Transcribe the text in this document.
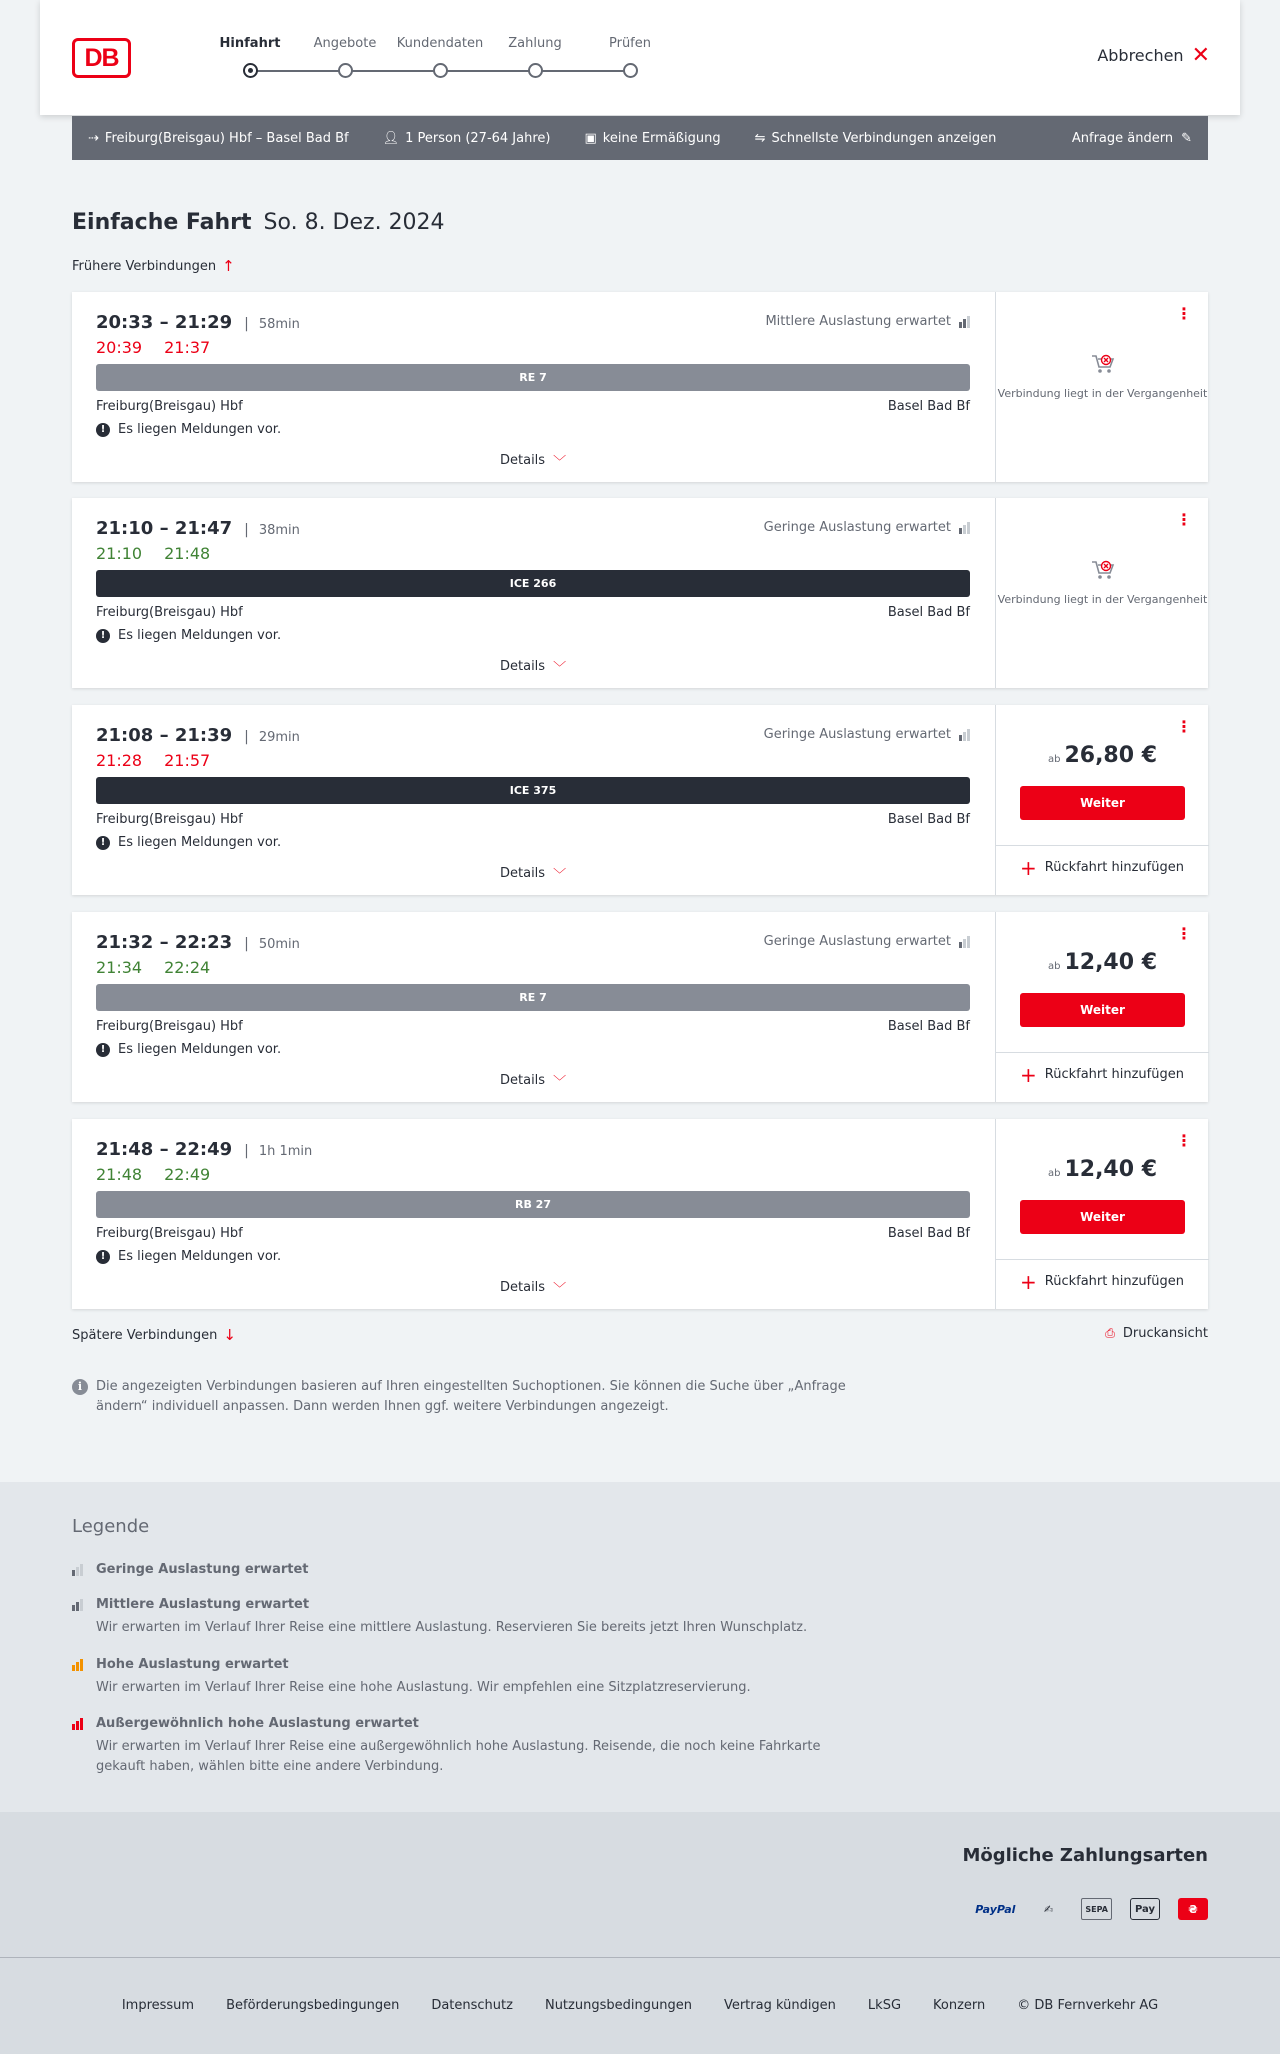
DB
Hinfahrt	Angebote	Kundendaten	Zahlung	Prüfen
Abbrechen ✕
⇢ Freiburg(Breisgau) Hbf – Basel Bad Bf	👤︎ 1 Person (27-64 Jahre)	▣ keine Ermäßigung	⇋ Schnellste Verbindungen anzeigen	Anfrage ändern ✎
Einfache Fahrt So. 8. Dez. 2024
Frühere Verbindungen ↑
20:33 – 21:29 | 58min
20:39 21:37
Mittlere Auslastung erwartet
RE 7
Freiburg(Breisgau) Hbf	Basel Bad Bf
! Es liegen Meldungen vor.
Details ﹀
⋮
Verbindung liegt in der Vergangenheit
21:10 – 21:47 | 38min
21:10 21:48
Geringe Auslastung erwartet
ICE 266
Freiburg(Breisgau) Hbf	Basel Bad Bf
! Es liegen Meldungen vor.
Details ﹀
⋮
Verbindung liegt in der Vergangenheit
21:08 – 21:39 | 29min
21:28 21:57
Geringe Auslastung erwartet
ICE 375
Freiburg(Breisgau) Hbf	Basel Bad Bf
! Es liegen Meldungen vor.
Details ﹀
⋮
ab 26,80 €
Weiter
+ Rückfahrt hinzufügen
21:32 – 22:23 | 50min
21:34 22:24
Geringe Auslastung erwartet
RE 7
Freiburg(Breisgau) Hbf	Basel Bad Bf
! Es liegen Meldungen vor.
Details ﹀
⋮
ab 12,40 €
Weiter
+ Rückfahrt hinzufügen
21:48 – 22:49 | 1h 1min
21:48 22:49
RB 27
Freiburg(Breisgau) Hbf	Basel Bad Bf
! Es liegen Meldungen vor.
Details ﹀
⋮
ab 12,40 €
Weiter
+ Rückfahrt hinzufügen
Spätere Verbindungen ↓	⎙ Druckansicht
i	Die angezeigten Verbindungen basieren auf Ihren eingestellten Suchoptionen. Sie können die Suche über „Anfrage ändern“ individuell anpassen. Dann werden Ihnen ggf. weitere Verbindungen angezeigt.
Legende
Geringe Auslastung erwartet
Mittlere Auslastung erwartet
Wir erwarten im Verlauf Ihrer Reise eine mittlere Auslastung. Reservieren Sie bereits jetzt Ihren Wunschplatz.
Hohe Auslastung erwartet
Wir erwarten im Verlauf Ihrer Reise eine hohe Auslastung. Wir empfehlen eine Sitzplatzreservierung.
Außergewöhnlich hohe Auslastung erwartet
Wir erwarten im Verlauf Ihrer Reise eine außergewöhnlich hohe Auslastung. Reisende, die noch keine Fahrkarte gekauft haben, wählen bitte eine andere Verbindung.
Mögliche Zahlungsarten
PayPal	✍	SEPA	Pay	₴
Impressum Beförderungsbedingungen Datenschutz Nutzungsbedingungen Vertrag kündigen LkSG Konzern © DB Fernverkehr AG
